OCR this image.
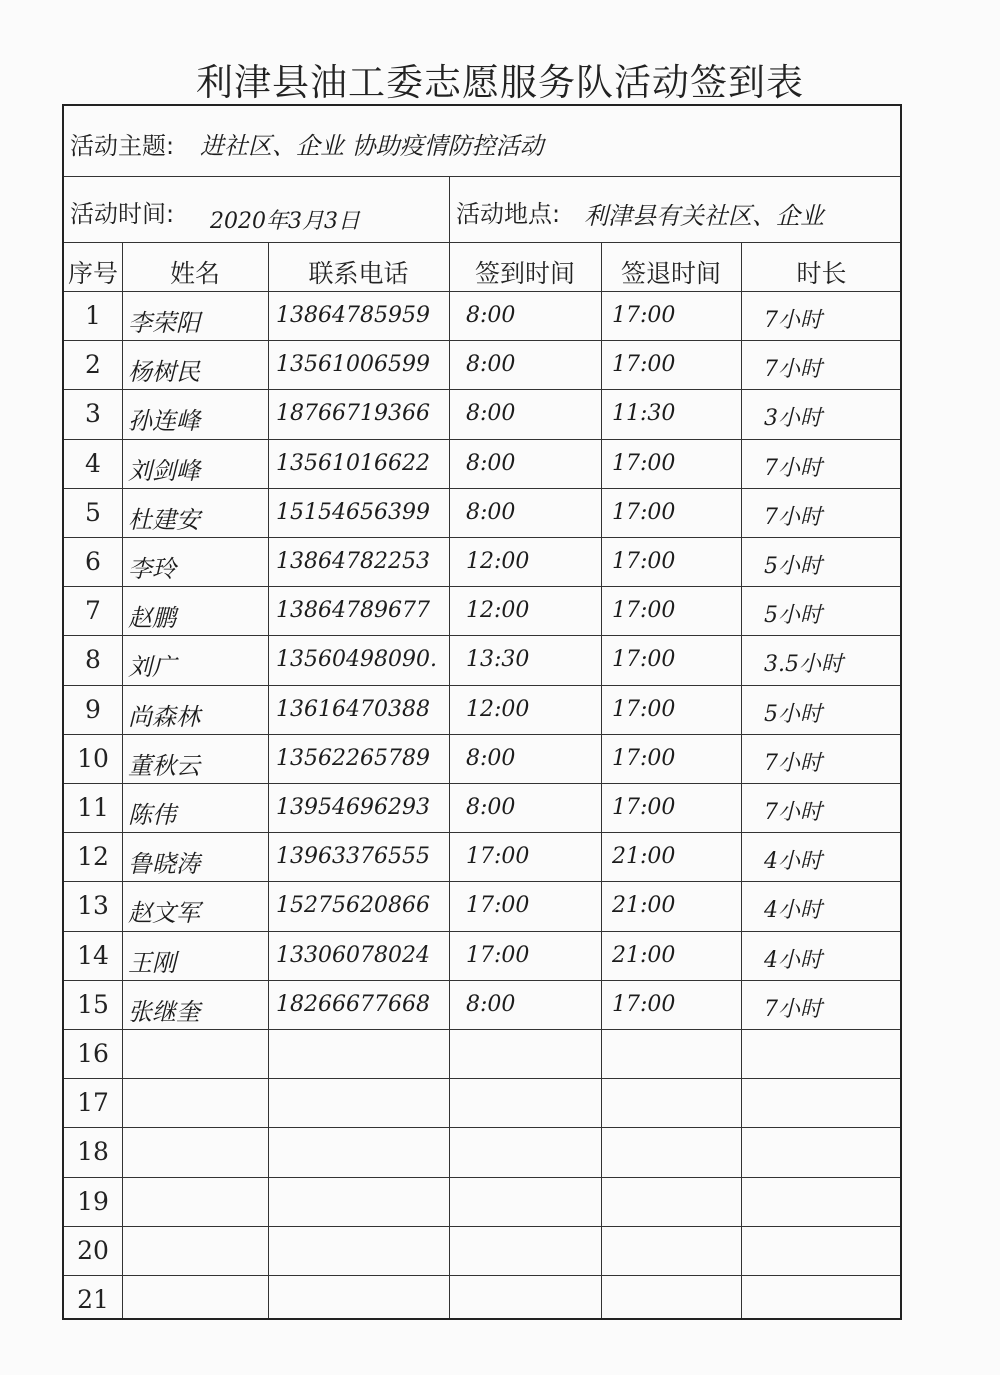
利津县油工委志愿服务队活动签到表
活动主题: 进社区、企业 协助疫情防控活动
活动时间: 2020年3月3日	活动地点: 利津县有关社区、企业
序号	姓名	联系电话	签到时间	签退时间	时长
1	李荣阳	13864785959 8:00	17:00	7小时
2	杨树民	13561006599 8:00	17:00	7小时
3	孙连峰	18766719366 8:00	11:30	3小时
4	刘剑峰	13561016622 8:00	17:00	7小时
5	杜建安	15154656399 8:00	17:00	7小时
6	李玲	13864782253 12:00	17:00	5小时
7	赵鹏	13864789677 12:00	17:00	5小时
8	刘广	13560498090. 13:30	17:00	3.5小时
9	尚森林	13616470388 12:00	17:00	5小时
10 董秋云	13562265789 8:00	17:00	7小时
11 陈伟	13954696293 8:00	17:00	7小时
12 鲁晓涛	13963376555 17:00	21:00	4小时
13 赵文军	15275620866 17:00	21:00	4小时
14 王刚	13306078024 17:00	21:00	4小时
15 张继奎	18266677668 8:00	17:00	7小时
16
17
18
19
20
21
